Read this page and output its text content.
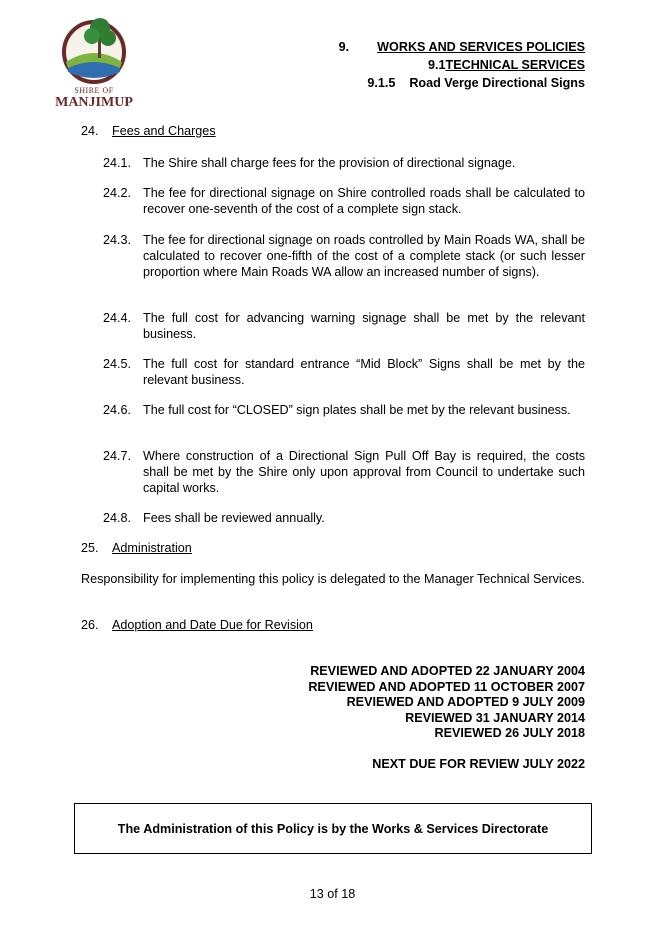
SHIRE OF
MANJIMUP
9. WORKS AND SERVICES POLICIES
9.1TECHNICAL SERVICES
9.1.5 Road Verge Directional Signs
24. Fees and Charges
24.1. The Shire shall charge fees for the provision of directional signage.
24.2. The fee for directional signage on Shire controlled roads shall be calculated to recover one-seventh of the cost of a complete sign stack.
24.3. The fee for directional signage on roads controlled by Main Roads WA, shall be calculated to recover one-fifth of the cost of a complete stack (or such lesser proportion where Main Roads WA allow an increased number of signs).
24.4. The full cost for advancing warning signage shall be met by the relevant business.
24.5. The full cost for standard entrance “Mid Block” Signs shall be met by the relevant business.
24.6. The full cost for “CLOSED” sign plates shall be met by the relevant business.
24.7. Where construction of a Directional Sign Pull Off Bay is required, the costs shall be met by the Shire only upon approval from Council to undertake such capital works.
24.8. Fees shall be reviewed annually.
25. Administration
Responsibility for implementing this policy is delegated to the Manager Technical Services.
26. Adoption and Date Due for Revision
REVIEWED AND ADOPTED 22 JANUARY 2004
REVIEWED AND ADOPTED 11 OCTOBER 2007
REVIEWED AND ADOPTED 9 JULY 2009
REVIEWED 31 JANUARY 2014
REVIEWED 26 JULY 2018
NEXT DUE FOR REVIEW JULY 2022
The Administration of this Policy is by the Works & Services Directorate
13 of 18
